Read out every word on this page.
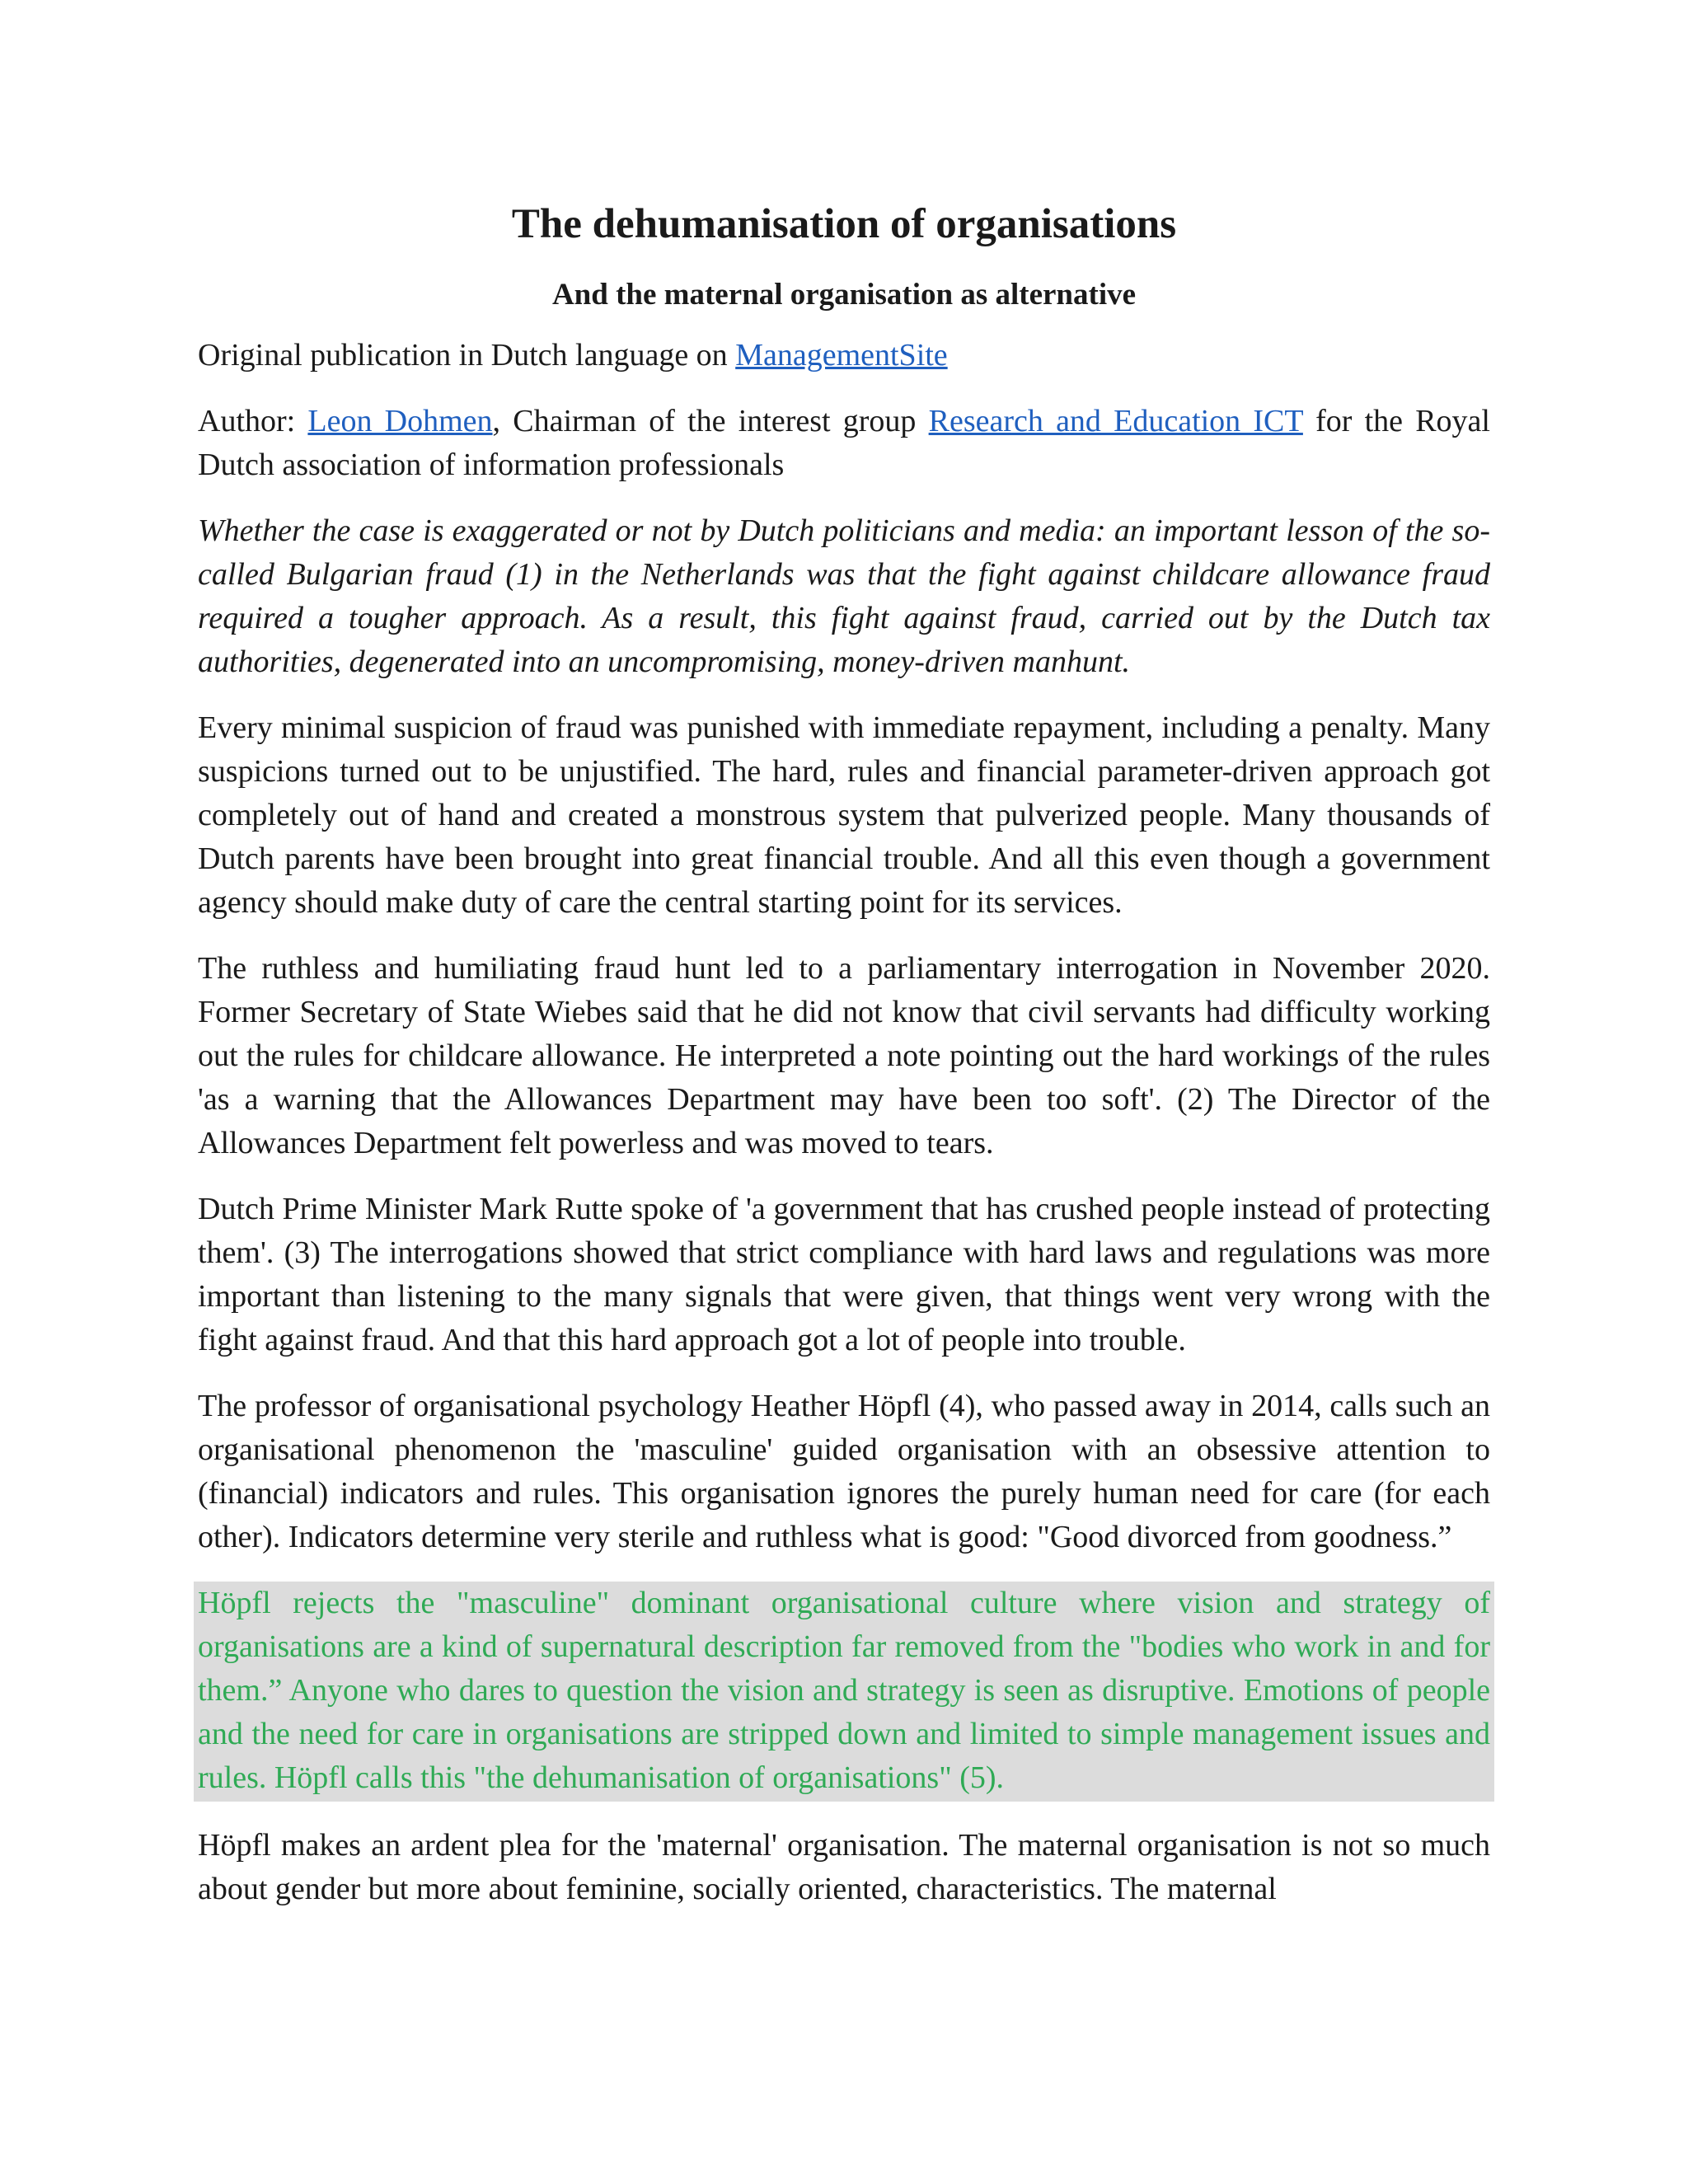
The dehumanisation of organisations
And the maternal organisation as alternative

Original publication in Dutch language on ManagementSite

Author: Leon Dohmen, Chairman of the interest group Research and Education ICT for the Royal Dutch association of information professionals

Whether the case is exaggerated or not by Dutch politicians and media: an important lesson of the so-called Bulgarian fraud (1) in the Netherlands was that the fight against childcare allowance fraud required a tougher approach. As a result, this fight against fraud, carried out by the Dutch tax authorities, degenerated into an uncompromising, money-driven manhunt.

Every minimal suspicion of fraud was punished with immediate repayment, including a penalty. Many suspicions turned out to be unjustified. The hard, rules and financial parameter-driven approach got completely out of hand and created a monstrous system that pulverized people. Many thousands of Dutch parents have been brought into great financial trouble. And all this even though a government agency should make duty of care the central starting point for its services.

The ruthless and humiliating fraud hunt led to a parliamentary interrogation in November 2020. Former Secretary of State Wiebes said that he did not know that civil servants had difficulty working out the rules for childcare allowance. He interpreted a note pointing out the hard workings of the rules 'as a warning that the Allowances Department may have been too soft'. (2) The Director of the Allowances Department felt powerless and was moved to tears.

Dutch Prime Minister Mark Rutte spoke of 'a government that has crushed people instead of protecting them'. (3) The interrogations showed that strict compliance with hard laws and regulations was more important than listening to the many signals that were given, that things went very wrong with the fight against fraud. And that this hard approach got a lot of people into trouble.

The professor of organisational psychology Heather Höpfl (4), who passed away in 2014, calls such an organisational phenomenon the 'masculine' guided organisation with an obsessive attention to (financial) indicators and rules. This organisation ignores the purely human need for care (for each other). Indicators determine very sterile and ruthless what is good: "Good divorced from goodness.”

Höpfl rejects the "masculine" dominant organisational culture where vision and strategy of organisations are a kind of supernatural description far removed from the "bodies who work in and for them.” Anyone who dares to question the vision and strategy is seen as disruptive. Emotions of people and the need for care in organisations are stripped down and limited to simple management issues and rules. Höpfl calls this "the dehumanisation of organisations" (5).

Höpfl makes an ardent plea for the 'maternal' organisation. The maternal organisation is not so much about gender but more about feminine, socially oriented, characteristics. The maternal
